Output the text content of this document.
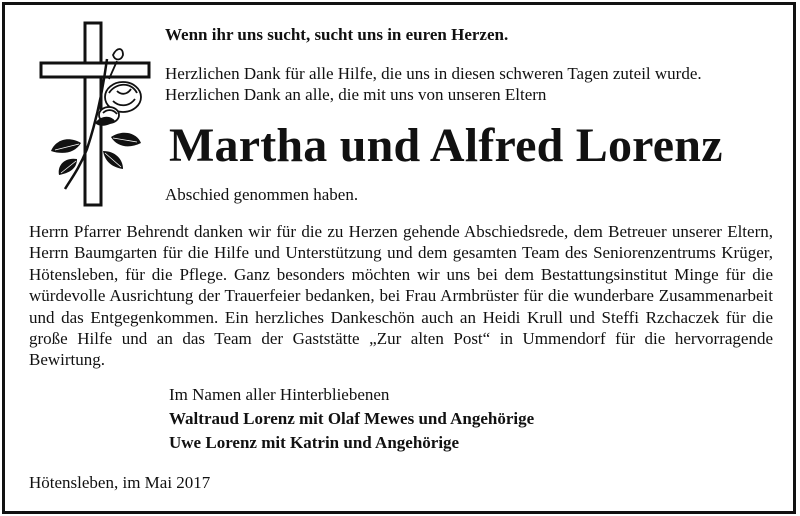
Wenn ihr uns sucht, sucht uns in euren Herzen.
Herzlichen Dank für alle Hilfe, die uns in diesen schweren Tagen zuteil wurde.
Herzlichen Dank an alle, die mit uns von unseren Eltern
Martha und Alfred Lorenz
Abschied genommen haben.
Herrn Pfarrer Behrendt danken wir für die zu Herzen gehende Abschiedsrede, dem Betreuer unserer Eltern, Herrn Baumgarten für die Hilfe und Unterstützung und dem gesamten Team des Seniorenzentrums Krüger, Hötensleben, für die Pflege. Ganz besonders möchten wir uns bei dem Bestattungsinstitut Minge für die würdevolle Ausrichtung der Trauerfeier bedanken, bei Frau Armbrüster für die wunderbare Zusammenarbeit und das Entgegenkommen. Ein herzliches Dankeschön auch an Heidi Krull und Steffi Rzchaczek für die große Hilfe und an das Team der Gaststätte „Zur alten Post“ in Ummendorf für die hervorragende Bewirtung.
Im Namen aller Hinterbliebenen
Waltraud Lorenz mit Olaf Mewes und Angehörige
Uwe Lorenz mit Katrin und Angehörige
Hötensleben, im Mai 2017
